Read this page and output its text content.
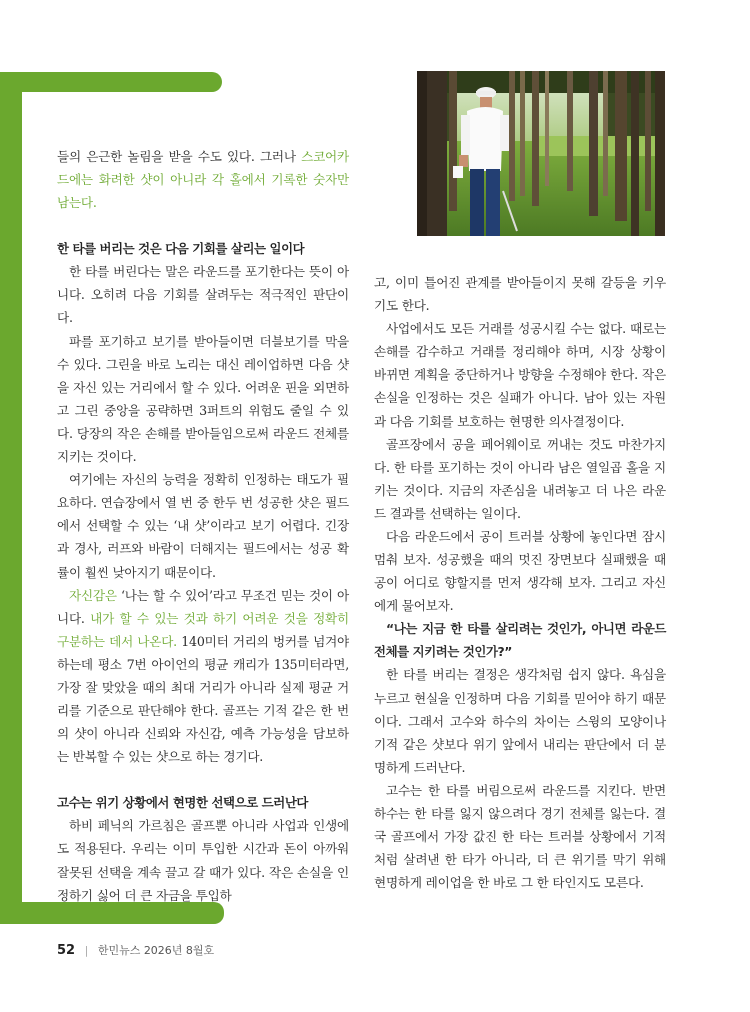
들의 은근한 놀림을 받을 수도 있다. 그러나 스코어카드에는 화려한 샷이 아니라 각 홀에서 기록한 숫자만 남는다.

한 타를 버리는 것은 다음 기회를 살리는 일이다

한 타를 버린다는 말은 라운드를 포기한다는 뜻이 아니다. 오히려 다음 기회를 살려두는 적극적인 판단이다.

파를 포기하고 보기를 받아들이면 더블보기를 막을 수 있다. 그린을 바로 노리는 대신 레이업하면 다음 샷을 자신 있는 거리에서 할 수 있다. 어려운 핀을 외면하고 그린 중앙을 공략하면 3퍼트의 위험도 줄일 수 있다. 당장의 작은 손해를 받아들임으로써 라운드 전체를 지키는 것이다.

여기에는 자신의 능력을 정확히 인정하는 태도가 필요하다. 연습장에서 열 번 중 한두 번 성공한 샷은 필드에서 선택할 수 있는 ‘내 샷’이라고 보기 어렵다. 긴장과 경사, 러프와 바람이 더해지는 필드에서는 성공 확률이 훨씬 낮아지기 때문이다.

자신감은 ‘나는 할 수 있어’라고 무조건 믿는 것이 아니다. 내가 할 수 있는 것과 하기 어려운 것을 정확히 구분하는 데서 나온다. 140미터 거리의 벙커를 넘겨야 하는데 평소 7번 아이언의 평균 캐리가 135미터라면, 가장 잘 맞았을 때의 최대 거리가 아니라 실제 평균 거리를 기준으로 판단해야 한다. 골프는 기적 같은 한 번의 샷이 아니라 신뢰와 자신감, 예측 가능성을 담보하는 반복할 수 있는 샷으로 하는 경기다.

고수는 위기 상황에서 현명한 선택으로 드러난다

하비 페닉의 가르침은 골프뿐 아니라 사업과 인생에도 적용된다. 우리는 이미 투입한 시간과 돈이 아까워 잘못된 선택을 계속 끌고 갈 때가 있다. 작은 손실을 인정하기 싫어 더 큰 자금을 투입하

고, 이미 틀어진 관계를 받아들이지 못해 갈등을 키우기도 한다.

사업에서도 모든 거래를 성공시킬 수는 없다. 때로는 손해를 감수하고 거래를 정리해야 하며, 시장 상황이 바뀌면 계획을 중단하거나 방향을 수정해야 한다. 작은 손실을 인정하는 것은 실패가 아니다. 남아 있는 자원과 다음 기회를 보호하는 현명한 의사결정이다.

골프장에서 공을 페어웨이로 꺼내는 것도 마찬가지다. 한 타를 포기하는 것이 아니라 남은 열일곱 홀을 지키는 것이다. 지금의 자존심을 내려놓고 더 나은 라운드 결과를 선택하는 일이다.

다음 라운드에서 공이 트러블 상황에 놓인다면 잠시 멈춰 보자. 성공했을 때의 멋진 장면보다 실패했을 때 공이 어디로 향할지를 먼저 생각해 보자. 그리고 자신에게 물어보자.

“나는 지금 한 타를 살리려는 것인가, 아니면 라운드 전체를 지키려는 것인가?”

한 타를 버리는 결정은 생각처럼 쉽지 않다. 욕심을 누르고 현실을 인정하며 다음 기회를 믿어야 하기 때문이다. 그래서 고수와 하수의 차이는 스윙의 모양이나 기적 같은 샷보다 위기 앞에서 내리는 판단에서 더 분명하게 드러난다.

고수는 한 타를 버림으로써 라운드를 지킨다. 반면 하수는 한 타를 잃지 않으려다 경기 전체를 잃는다. 결국 골프에서 가장 값진 한 타는 트러블 상황에서 기적처럼 살려낸 한 타가 아니라, 더 큰 위기를 막기 위해 현명하게 레이업을 한 바로 그 한 타인지도 모른다.

52 | 한민뉴스 2026년 8월호
